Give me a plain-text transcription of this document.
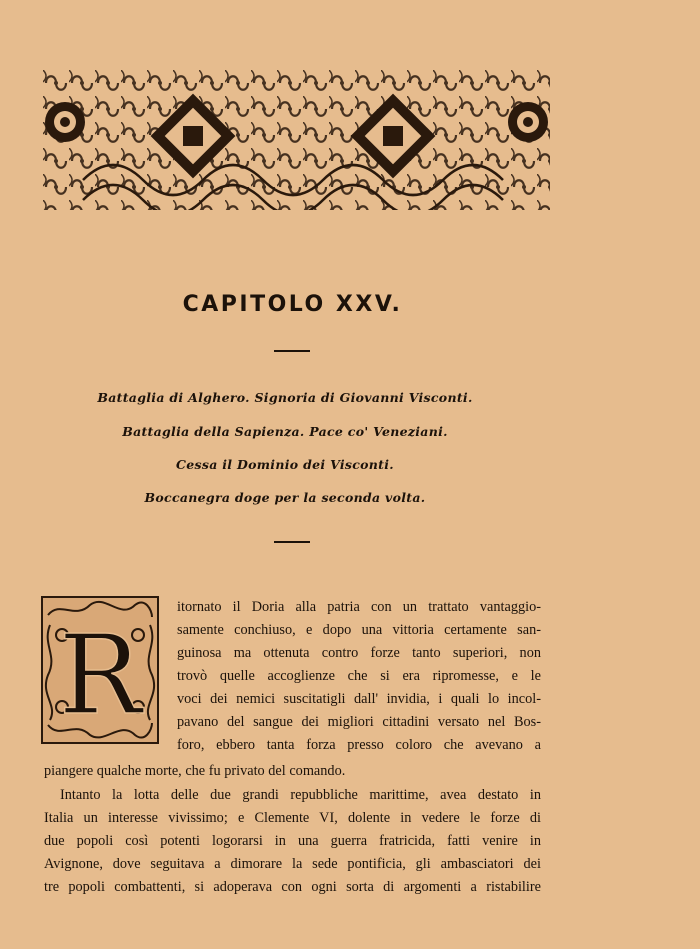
CAPITOLO XXV.
Battaglia di Alghero. Signoria di Giovanni Visconti.
Battaglia della Sapienza. Pace co' Veneziani.
Cessa il Dominio dei Visconti.
Boccanegra doge per la seconda volta.
R
itornato il Doria alla patria con un trattato vantaggio-
samente conchiuso, e dopo una vittoria certamente san-
guinosa ma ottenuta contro forze tanto superiori, non
trovò quelle accoglienze che si era ripromesse, e le
voci dei nemici suscitatigli dall' invidia, i quali lo incol-
pavano del sangue dei migliori cittadini versato nel Bos-
foro, ebbero tanta forza presso coloro che avevano a
piangere qualche morte, che fu privato del comando.
Intanto la lotta delle due grandi repubbliche marittime, avea destato in
Italia un interesse vivissimo; e Clemente VI, dolente in vedere le forze di
due popoli così potenti logorarsi in una guerra fratricida, fatti venire in
Avignone, dove seguitava a dimorare la sede pontificia, gli ambasciatori dei
tre popoli combattenti, si adoperava con ogni sorta di argomenti a ristabilire
